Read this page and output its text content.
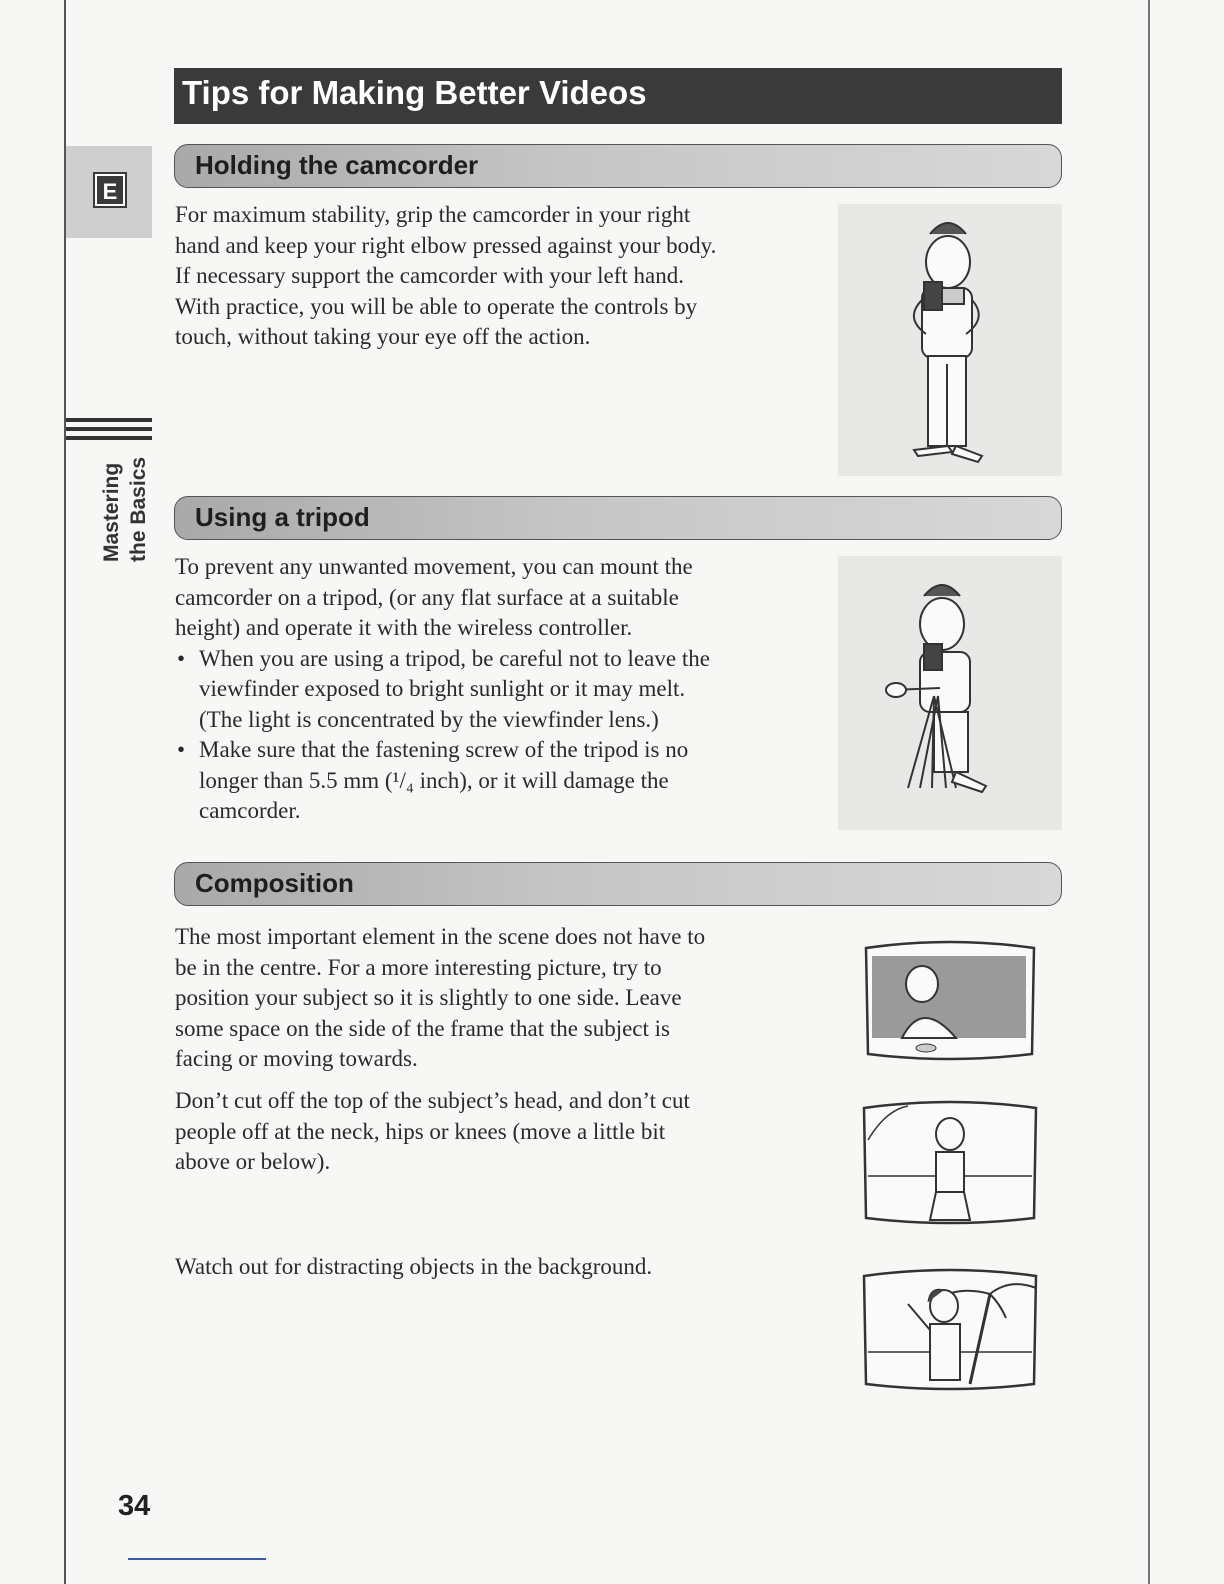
E
Mastering the Basics
Tips for Making Better Videos
Holding the camcorder

For maximum stability, grip the camcorder in your right

hand and keep your right elbow pressed against your body.

If necessary support the camcorder with your left hand.

With practice, you will be able to operate the controls by

touch, without taking your eye off the action.

Using a tripod

To prevent any unwanted movement, you can mount the

camcorder on a tripod, (or any flat surface at a suitable

height) and operate it with the wireless controller.

• When you are using a tripod, be careful not to leave the
viewfinder exposed to bright sunlight or it may melt.
(The light is concentrated by the viewfinder lens.)
• Make sure that the fastening screw of the tripod is no
longer than 5.5 mm (¹/₄ inch), or it will damage the
camcorder.
Composition

The most important element in the scene does not have to

be in the centre. For a more interesting picture, try to

position your subject so it is slightly to one side. Leave

some space on the side of the frame that the subject is

facing or moving towards.

Don’t cut off the top of the subject’s head, and don’t cut

people off at the neck, hips or knees (move a little bit

above or below).

Watch out for distracting objects in the background.

34
